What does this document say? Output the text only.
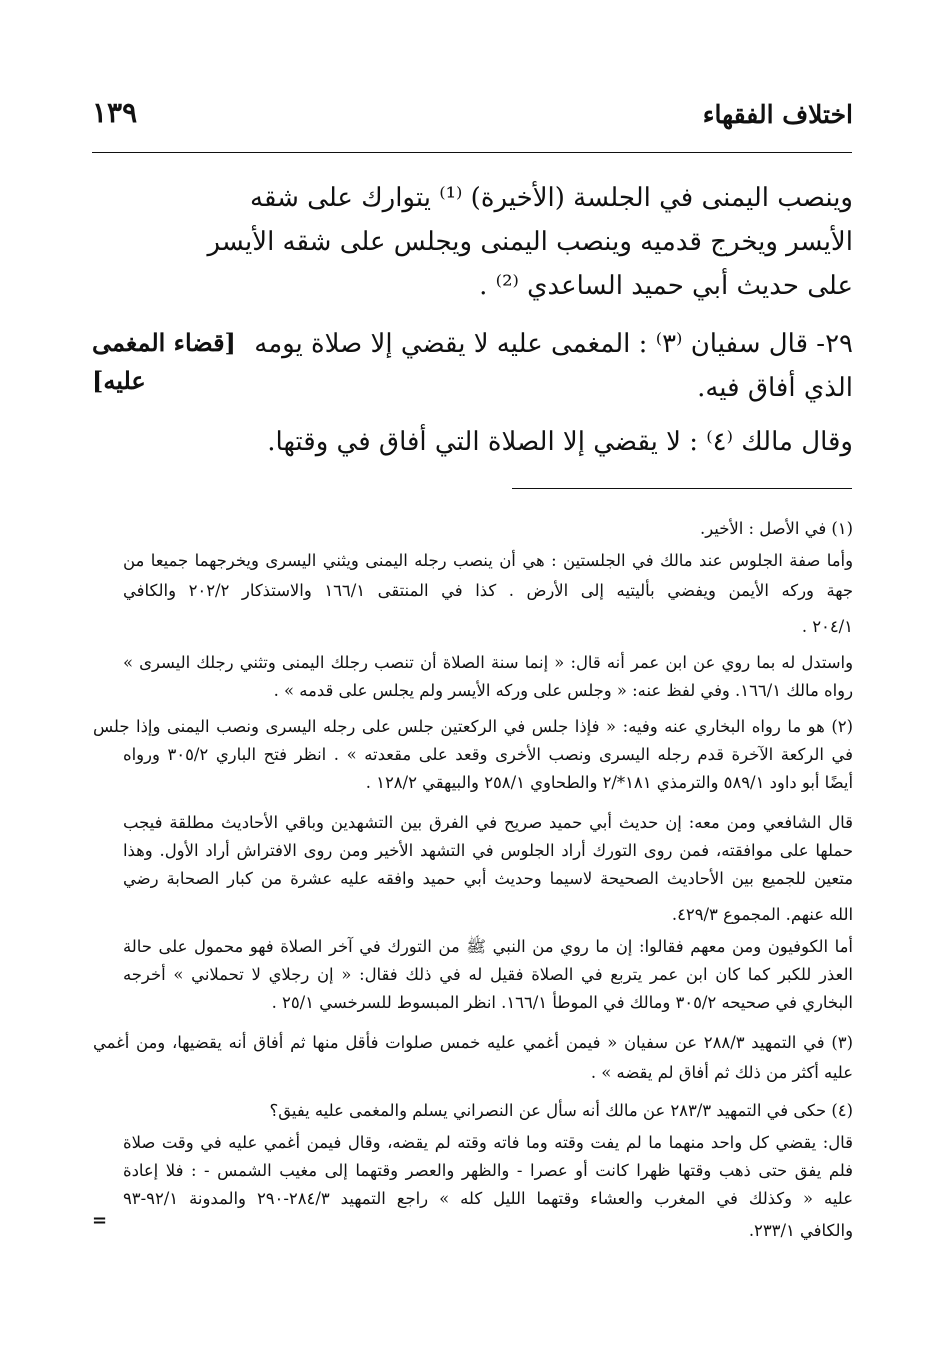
اختلاف الفقهاء
١٣٩
وينصب اليمنى في الجلسة (الأخيرة) ⁽¹⁾ يتوارك على شقه
الأيسر ويخرج قدميه وينصب اليمنى ويجلس على شقه الأيسر
على حديث أبي حميد الساعدي ⁽²⁾ .
٢٩- قال سفيان ⁽٣⁾ : المغمى عليه لا يقضي إلا صلاة يومه
الذي أفاق فيه.
وقال مالك ⁽٤⁾ : لا يقضي إلا الصلاة التي أفاق في وقتها.
[قضاء المغمى
عليه]
(١) في الأصل : الأخير.
وأما صفة الجلوس عند مالك في الجلستين : هي أن ينصب رجله اليمنى ويثني اليسرى ويخرجهما جميعا من
جهة وركه الأيمن ويفضي بأليتيه إلى الأرض . كذا في المنتقى ١٦٦/١ والاستذكار ٢٠٢/٢ والكافي
٢٠٤/١ .
واستدل له بما روي عن ابن عمر أنه قال: « إنما سنة الصلاة أن تنصب رجلك اليمنى وتثني رجلك اليسرى »
رواه مالك ١٦٦/١. وفي لفظ عنه: « وجلس على وركه الأيسر ولم يجلس على قدمه » .
(٢) هو ما رواه البخاري عنه وفيه: « فإذا جلس في الركعتين جلس على رجله اليسرى ونصب اليمنى وإذا جلس
في الركعة الآخرة قدم رجله اليسرى ونصب الأخرى وقعد على مقعدته » . انظر فتح الباري ٣٠٥/٢ ورواه
أيضًا أبو داود ٥٨٩/١ والترمذي ١٨١*/٢ والطحاوي ٢٥٨/١ والبيهقي ١٢٨/٢ .
قال الشافعي ومن معه: إن حديث أبي حميد صريح في الفرق بين التشهدين وباقي الأحاديث مطلقة فيجب
حملها على موافقته، فمن روى التورك أراد الجلوس في التشهد الأخير ومن روى الافتراش أراد الأول. وهذا
متعين للجميع بين الأحاديث الصحيحة لاسيما وحديث أبي حميد وافقه عليه عشرة من كبار الصحابة رضي
الله عنهم. المجموع ٤٢٩/٣.
أما الكوفيون ومن معهم فقالوا: إن ما روي من النبي ﷺ من التورك في آخر الصلاة فهو محمول على حالة
العذر للكبر كما كان ابن عمر يتربع في الصلاة فقيل له في ذلك فقال: « إن رجلاي لا تحملاني » أخرجه
البخاري في صحيحه ٣٠٥/٢ ومالك في الموطأ ١٦٦/١. انظر المبسوط للسرخسي ٢٥/١ .
(٣) في التمهيد ٢٨٨/٣ عن سفيان « فيمن أغمي عليه خمس صلوات فأقل منها ثم أفاق أنه يقضيها، ومن أغمي
عليه أكثر من ذلك ثم أفاق لم يقضه » .
(٤) حكى في التمهيد ٢٨٣/٣ عن مالك أنه سأل عن النصراني يسلم والمغمى عليه يفيق؟
قال: يقضي كل واحد منهما ما لم يفت وقته وما فاته وقته لم يقضه، وقال فيمن أغمي عليه في وقت صلاة
فلم يفق حتى ذهب وقتها ظهرا كانت أو عصرا - والظهر والعصر وقتهما إلى مغيب الشمس - : فلا إعادة
عليه « وكذلك في المغرب والعشاء وقتهما الليل كله » راجع التمهيد ٢٨٤/٣-٢٩٠ والمدونة ٩٢/١-٩٣
والكافي ٢٣٣/١.
=
